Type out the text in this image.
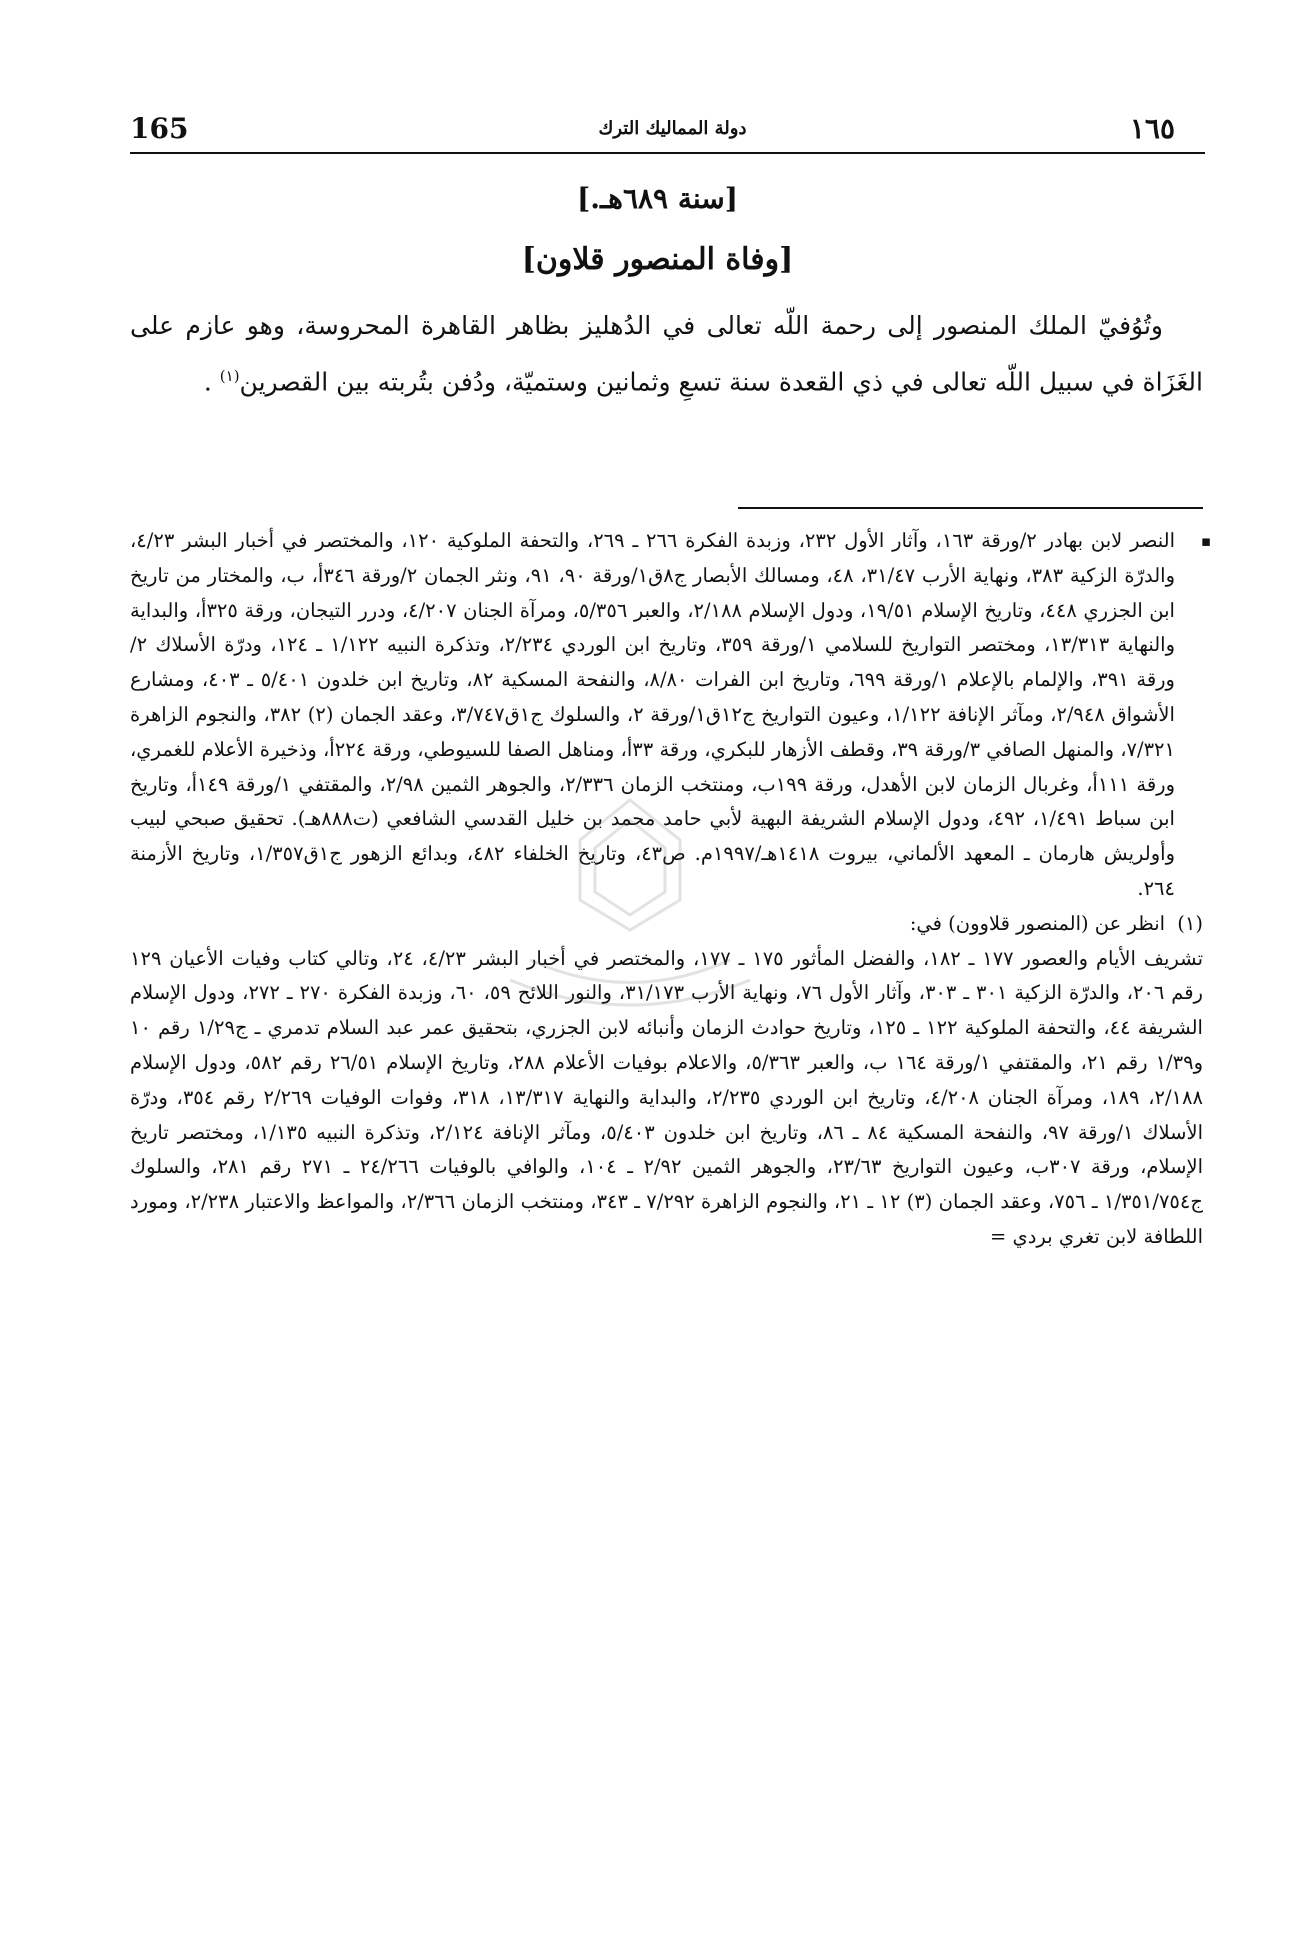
165	دولة المماليك الترك	١٦٥
[سنة ٦٨٩هـ.]
[وفاة المنصور قلاون]
وتُوُفيّ الملك المنصور إلى رحمة اللّه تعالى في الدُهليز بظاهر القاهرة المحروسة، وهو عازم على الغَزَاة في سبيل اللّه تعالى في ذي القعدة سنة تسعِ وثمانين وستميّة، ودُفن بتُربته بين القصرين$^{(١)}$ .
▪
النصر لابن بهادر ٢/ورقة ١٦٣، وآثار الأول ٢٣٢، وزبدة الفكرة ٢٦٦ ـ ٢٦٩، والتحفة الملوكية ١٢٠، والمختصر في أخبار البشر ٤/٢٣، والدرّة الزكية ٣٨٣، ونهاية الأرب ٣١/٤٧، ٤٨، ومسالك الأبصار ج٨ق١/ورقة ٩٠، ٩١، ونثر الجمان ٢/ورقة ٣٤٦أ، ب، والمختار من تاريخ ابن الجزري ٤٤٨، وتاريخ الإسلام ١٩/٥١، ودول الإسلام ٢/١٨٨، والعبر ٥/٣٥٦، ومرآة الجنان ٤/٢٠٧، ودرر التيجان، ورقة ٣٢٥أ، والبداية والنهاية ١٣/٣١٣، ومختصر التواريخ للسلامي ١/ورقة ٣٥٩، وتاريخ ابن الوردي ٢/٢٣٤، وتذكرة النبيه ١/١٢٢ ـ ١٢٤، ودرّة الأسلاك ٢/ورقة ٣٩١، والإلمام بالإعلام ١/ورقة ٦٩٩، وتاريخ ابن الفرات ٨/٨٠، والنفحة المسكية ٨٢، وتاريخ ابن خلدون ٥/٤٠١ ـ ٤٠٣، ومشارع الأشواق ٢/٩٤٨، ومآثر الإنافة ١/١٢٢، وعيون التواريخ ج١٢ق١/ورقة ٢، والسلوك ج١ق٣/٧٤٧، وعقد الجمان (٢) ٣٨٢، والنجوم الزاهرة ٧/٣٢١، والمنهل الصافي ٣/ورقة ٣٩، وقطف الأزهار للبكري، ورقة ٣٣أ، ومناهل الصفا للسيوطي، ورقة ٢٢٤أ، وذخيرة الأعلام للغمري، ورقة ١١١أ، وغربال الزمان لابن الأهدل، ورقة ١٩٩ب، ومنتخب الزمان ٢/٣٣٦، والجوهر الثمين ٢/٩٨، والمقتفي ١/ورقة ١٤٩أ، وتاريخ ابن سباط ١/٤٩١، ٤٩٢، ودول الإسلام الشريفة البهية لأبي حامد محمد بن خليل القدسي الشافعي (ت٨٨٨هـ). تحقيق صبحي لبيب وأولريش هارمان ـ المعهد الألماني، بيروت ١٤١٨هـ/١٩٩٧م. ص٤٣، وتاريخ الخلفاء ٤٨٢، وبدائع الزهور ج١ق١/٣٥٧، وتاريخ الأزمنة ٢٦٤.
(١) انظر عن (المنصور قلاوون) في:
تشريف الأيام والعصور ١٧٧ ـ ١٨٢، والفضل المأثور ١٧٥ ـ ١٧٧، والمختصر في أخبار البشر ٤/٢٣، ٢٤، وتالي كتاب وفيات الأعيان ١٢٩ رقم ٢٠٦، والدرّة الزكية ٣٠١ ـ ٣٠٣، وآثار الأول ٧٦، ونهاية الأرب ٣١/١٧٣، والنور اللائح ٥٩، ٦٠، وزبدة الفكرة ٢٧٠ ـ ٢٧٢، ودول الإسلام الشريفة ٤٤، والتحفة الملوكية ١٢٢ ـ ١٢٥، وتاريخ حوادث الزمان وأنبائه لابن الجزري، بتحقيق عمر عبد السلام تدمري ـ ج١/٢٩ رقم ١٠ و١/٣٩ رقم ٢١، والمقتفي ١/ورقة ١٦٤ ب، والعبر ٥/٣٦٣، والاعلام بوفيات الأعلام ٢٨٨، وتاريخ الإسلام ٢٦/٥١ رقم ٥٨٢، ودول الإسلام ٢/١٨٨، ١٨٩، ومرآة الجنان ٤/٢٠٨، وتاريخ ابن الوردي ٢/٢٣٥، والبداية والنهاية ١٣/٣١٧، ٣١٨، وفوات الوفيات ٢/٢٦٩ رقم ٣٥٤، ودرّة الأسلاك ١/ورقة ٩٧، والنفحة المسكية ٨٤ ـ ٨٦، وتاريخ ابن خلدون ٥/٤٠٣، ومآثر الإنافة ٢/١٢٤، وتذكرة النبيه ١/١٣٥، ومختصر تاريخ الإسلام، ورقة ٣٠٧ب، وعيون التواريخ ٢٣/٦٣، والجوهر الثمين ٢/٩٢ ـ ١٠٤، والوافي بالوفيات ٢٤/٢٦٦ ـ ٢٧١ رقم ٢٨١، والسلوك ج١/٣٥١/٧٥٤ ـ ٧٥٦، وعقد الجمان (٣) ١٢ ـ ٢١، والنجوم الزاهرة ٧/٢٩٢ ـ ٣٤٣، ومنتخب الزمان ٢/٣٦٦، والمواعظ والاعتبار ٢/٢٣٨، ومورد اللطافة لابن تغري بردي =
